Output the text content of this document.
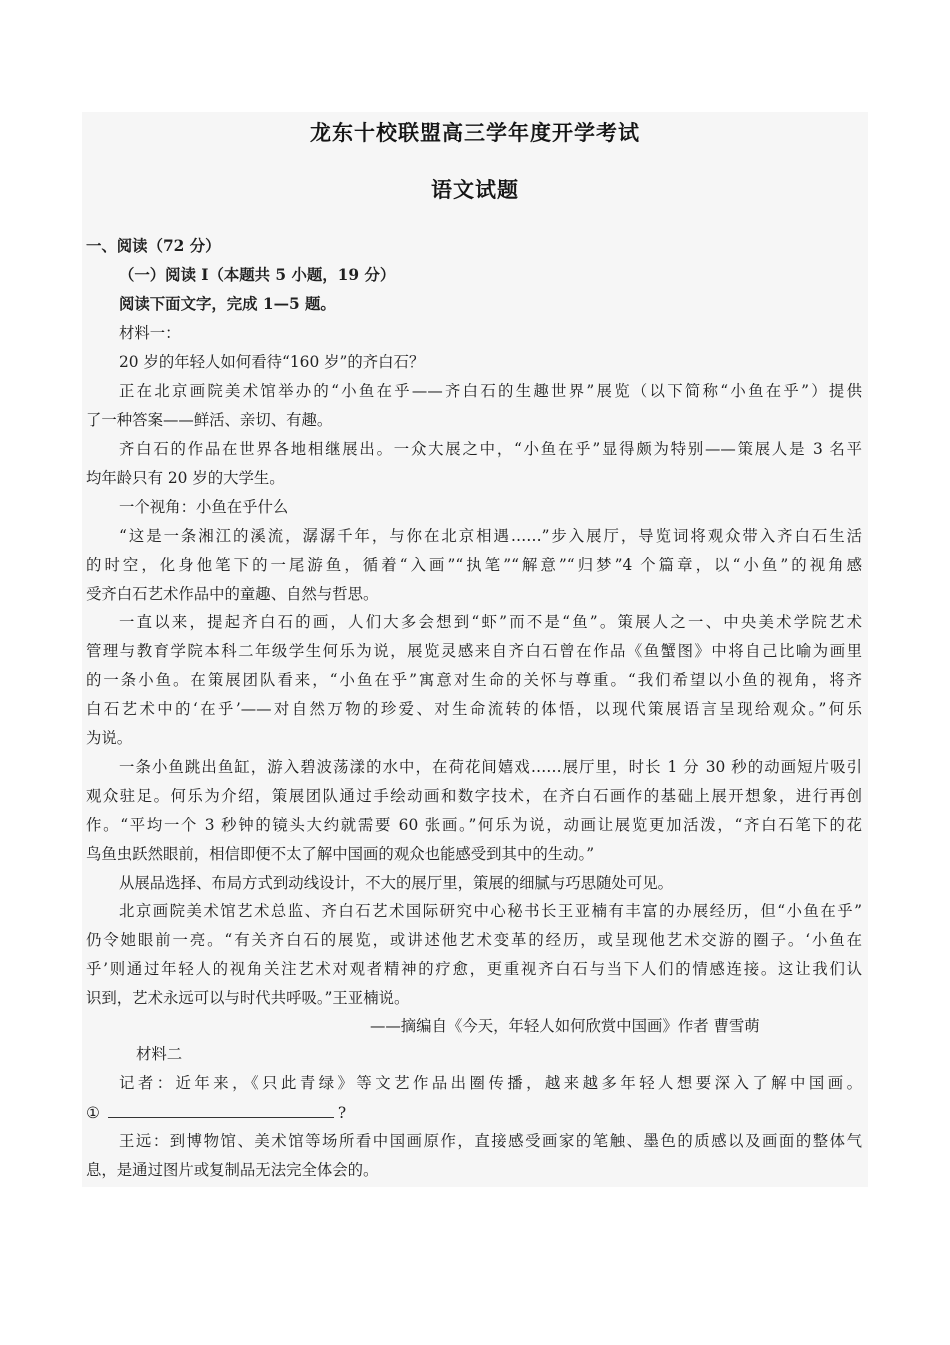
龙东十校联盟高三学年度开学考试
语文试题
一、阅读（72 分）
（一）阅读 I（本题共 5 小题，19 分）
阅读下面文字，完成 1—5 题。
材料一：
20 岁的年轻人如何看待“160 岁”的齐白石？
正在北京画院美术馆举办的“小鱼在乎——齐白石的生趣世界”展览（以下简称“小鱼在乎”）提供
了一种答案——鲜活、亲切、有趣。
齐白石的作品在世界各地相继展出。一众大展之中，“小鱼在乎”显得颇为特别——策展人是 3 名平
均年龄只有 20 岁的大学生。
一个视角：小鱼在乎什么
“这是一条湘江的溪流，潺潺千年，与你在北京相遇……”步入展厅，导览词将观众带入齐白石生活
的时空，化身他笔下的一尾游鱼，循着“入画”“执笔”“解意”“归梦”4 个篇章，以“小鱼”的视角感
受齐白石艺术作品中的童趣、自然与哲思。
一直以来，提起齐白石的画，人们大多会想到“虾”而不是“鱼”。策展人之一、中央美术学院艺术
管理与教育学院本科二年级学生何乐为说，展览灵感来自齐白石曾在作品《鱼蟹图》中将自己比喻为画里
的一条小鱼。在策展团队看来，“小鱼在乎”寓意对生命的关怀与尊重。“我们希望以小鱼的视角，将齐
白石艺术中的‘在乎’——对自然万物的珍爱、对生命流转的体悟，以现代策展语言呈现给观众。”何乐
为说。
一条小鱼跳出鱼缸，游入碧波荡漾的水中，在荷花间嬉戏……展厅里，时长 1 分 30 秒的动画短片吸引
观众驻足。何乐为介绍，策展团队通过手绘动画和数字技术，在齐白石画作的基础上展开想象，进行再创
作。“平均一个 3 秒钟的镜头大约就需要 60 张画。”何乐为说，动画让展览更加活泼，“齐白石笔下的花
鸟鱼虫跃然眼前，相信即便不太了解中国画的观众也能感受到其中的生动。”
从展品选择、布局方式到动线设计，不大的展厅里，策展的细腻与巧思随处可见。
北京画院美术馆艺术总监、齐白石艺术国际研究中心秘书长王亚楠有丰富的办展经历，但“小鱼在乎”
仍令她眼前一亮。“有关齐白石的展览，或讲述他艺术变革的经历，或呈现他艺术交游的圈子。‘小鱼在
乎’则通过年轻人的视角关注艺术对观者精神的疗愈，更重视齐白石与当下人们的情感连接。这让我们认
识到，艺术永远可以与时代共呼吸。”王亚楠说。
——摘编自《今天，年轻人如何欣赏中国画》作者 曹雪萌
材料二
记者：近年来，《只此青绿》等文艺作品出圈传播，越来越多年轻人想要深入了解中国画。
①	?
王远：到博物馆、美术馆等场所看中国画原作，直接感受画家的笔触、墨色的质感以及画面的整体气
息，是通过图片或复制品无法完全体会的。
